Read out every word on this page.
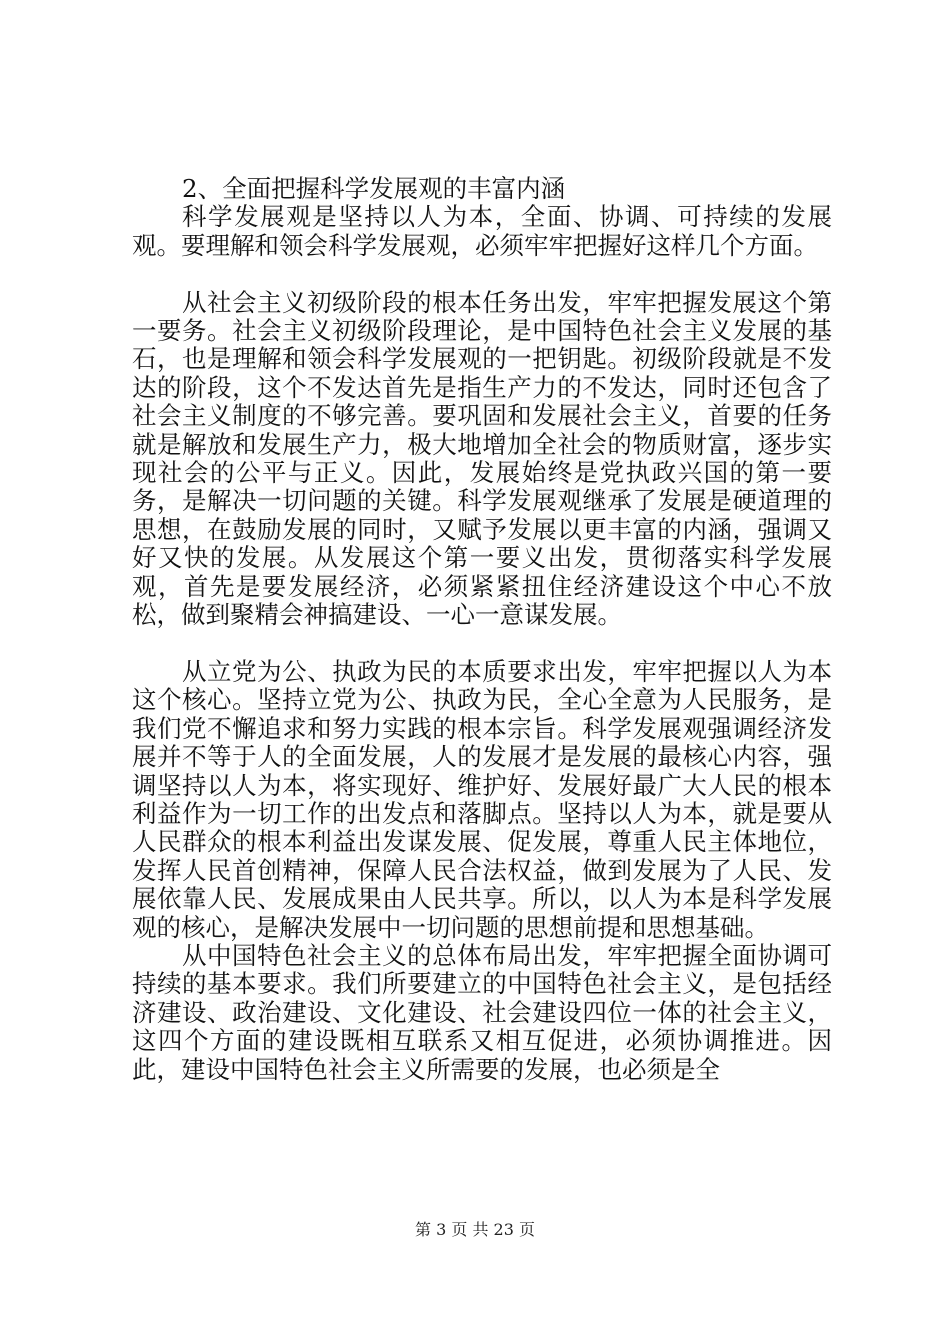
2、全面把握科学发展观的丰富内涵

科学发展观是坚持以人为本，全面、协调、可持续的发展观。要理解和领会科学发展观，必须牢牢把握好这样几个方面。

从社会主义初级阶段的根本任务出发，牢牢把握发展这个第一要务。社会主义初级阶段理论，是中国特色社会主义发展的基石，也是理解和领会科学发展观的一把钥匙。初级阶段就是不发达的阶段，这个不发达首先是指生产力的不发达，同时还包含了社会主义制度的不够完善。要巩固和发展社会主义，首要的任务就是解放和发展生产力，极大地增加全社会的物质财富，逐步实现社会的公平与正义。因此，发展始终是党执政兴国的第一要务，是解决一切问题的关键。科学发展观继承了发展是硬道理的思想，在鼓励发展的同时，又赋予发展以更丰富的内涵，强调又好又快的发展。从发展这个第一要义出发，贯彻落实科学发展观，首先是要发展经济，必须紧紧扭住经济建设这个中心不放松，做到聚精会神搞建设、一心一意谋发展。

从立党为公、执政为民的本质要求出发，牢牢把握以人为本这个核心。坚持立党为公、执政为民，全心全意为人民服务，是我们党不懈追求和努力实践的根本宗旨。科学发展观强调经济发展并不等于人的全面发展，人的发展才是发展的最核心内容，强调坚持以人为本，将实现好、维护好、发展好最广大人民的根本利益作为一切工作的出发点和落脚点。坚持以人为本，就是要从人民群众的根本利益出发谋发展、促发展，尊重人民主体地位，发挥人民首创精神，保障人民合法权益，做到发展为了人民、发展依靠人民、发展成果由人民共享。所以，以人为本是科学发展观的核心，是解决发展中一切问题的思想前提和思想基础。

从中国特色社会主义的总体布局出发，牢牢把握全面协调可持续的基本要求。我们所要建立的中国特色社会主义，是包括经济建设、政治建设、文化建设、社会建设四位一体的社会主义，这四个方面的建设既相互联系又相互促进，必须协调推进。因此，建设中国特色社会主义所需要的发展，也必须是全

第 3 页 共 23 页
